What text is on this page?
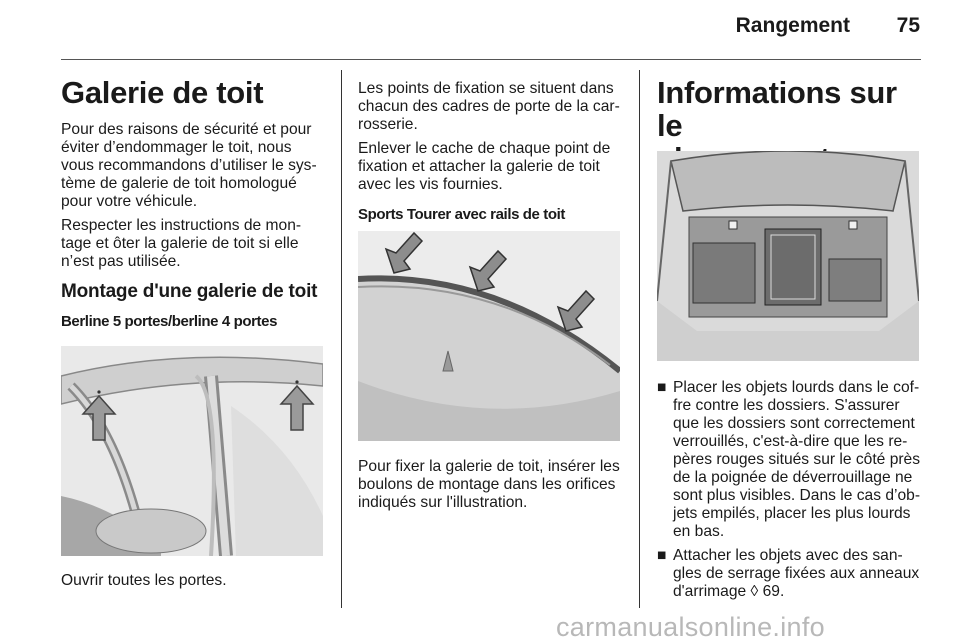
Rangement	75
Galerie de toit

Pour des raisons de sécurité et pour
éviter d’endommager le toit, nous
vous recommandons d’utiliser le sys-
tème de galerie de toit homologué
pour votre véhicule.

Respecter les instructions de mon-
tage et ôter la galerie de toit si elle
n’est pas utilisée.

Montage d'une galerie de toit
Berline 5 portes/berline 4 portes

Ouvrir toutes les portes.

Les points de fixation se situent dans
chacun des cadres de porte de la car-
rosserie.

Enlever le cache de chaque point de
fixation et attacher la galerie de toit
avec les vis fournies.

Sports Tourer avec rails de toit

Pour fixer la galerie de toit, insérer les
boulons de montage dans les orifices
indiqués sur l'illustration.

Informations sur le

■ Placer les objets lourds dans le cof-
fre contre les dossiers. S'assurer
que les dossiers sont correctement
verrouillés, c'est-à-dire que les re-
pères rouges situés sur le côté près
de la poignée de déverrouillage ne
sont plus visibles. Dans le cas d’ob-
jets empilés, placer les plus lourds
en bas.
■ Attacher les objets avec des san-
gles de serrage fixées aux anneaux
d'arrimage ◊ 69.
carmanualsonline.info
